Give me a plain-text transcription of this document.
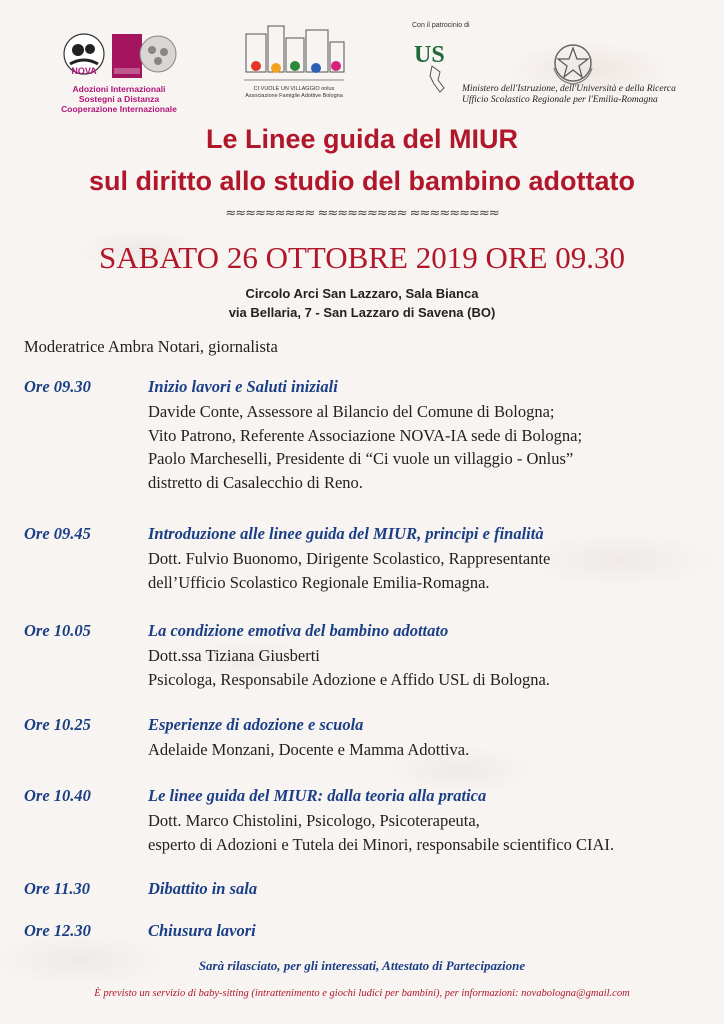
NOVA
Adozioni Internazionali
Sostegni a Distanza
Cooperazione Internazionale
CI VUOLE UN VILLAGGIO onlus
Associazione Famiglie Adottive Bologna
Con il patrocinio di
US
Ministero dell'Istruzione, dell'Università e della Ricerca
Ufficio Scolastico Regionale per l'Emilia-Romagna
Le Linee guida del MIUR
sul diritto allo studio del bambino adottato
≈≈≈≈≈≈≈≈≈ ≈≈≈≈≈≈≈≈≈ ≈≈≈≈≈≈≈≈≈
SABATO 26 OTTOBRE 2019 ORE 09.30
Circolo Arci San Lazzaro, Sala Bianca
via Bellaria, 7 - San Lazzaro di Savena (BO)
Moderatrice Ambra Notari, giornalista
Ore 09.30	Inizio lavori e Saluti iniziali
Davide Conte, Assessore al Bilancio del Comune di Bologna;
Vito Patrono, Referente Associazione NOVA-IA sede di Bologna;
Paolo Marcheselli, Presidente di “Ci vuole un villaggio - Onlus”
distretto di Casalecchio di Reno.
Ore 09.45	Introduzione alle linee guida del MIUR, principi e finalità
Dott. Fulvio Buonomo, Dirigente Scolastico, Rappresentante
dell’Ufficio Scolastico Regionale Emilia-Romagna.
Ore 10.05	La condizione emotiva del bambino adottato
Dott.ssa Tiziana Giusberti
Psicologa, Responsabile Adozione e Affido USL di Bologna.
Ore 10.25	Esperienze di adozione e scuola
Adelaide Monzani, Docente e Mamma Adottiva.
Ore 10.40	Le linee guida del MIUR: dalla teoria alla pratica
Dott. Marco Chistolini, Psicologo, Psicoterapeuta,
esperto di Adozioni e Tutela dei Minori, responsabile scientifico CIAI.
Ore 11.30	Dibattito in sala
Ore 12.30	Chiusura lavori
Sarà rilasciato, per gli interessati, Attestato di Partecipazione
È previsto un servizio di baby-sitting (intrattenimento e giochi ludici per bambini), per informazioni: novabologna@gmail.com
